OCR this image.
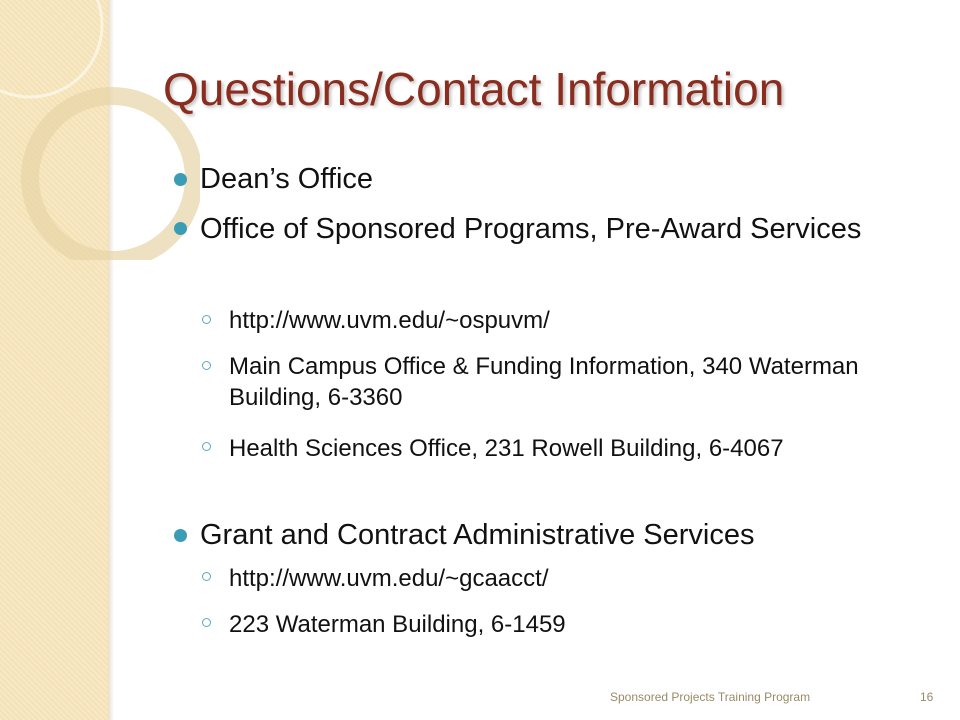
Questions/Contact Information
Dean’s Office
Office of Sponsored Programs, Pre-Award Services
http://www.uvm.edu/~ospuvm/
Main Campus Office & Funding Information, 340 Waterman Building, 6-3360
Health Sciences Office, 231 Rowell Building, 6-4067
Grant and Contract Administrative Services
http://www.uvm.edu/~gcaacct/
223 Waterman Building, 6-1459
Sponsored Projects Training Program	16
